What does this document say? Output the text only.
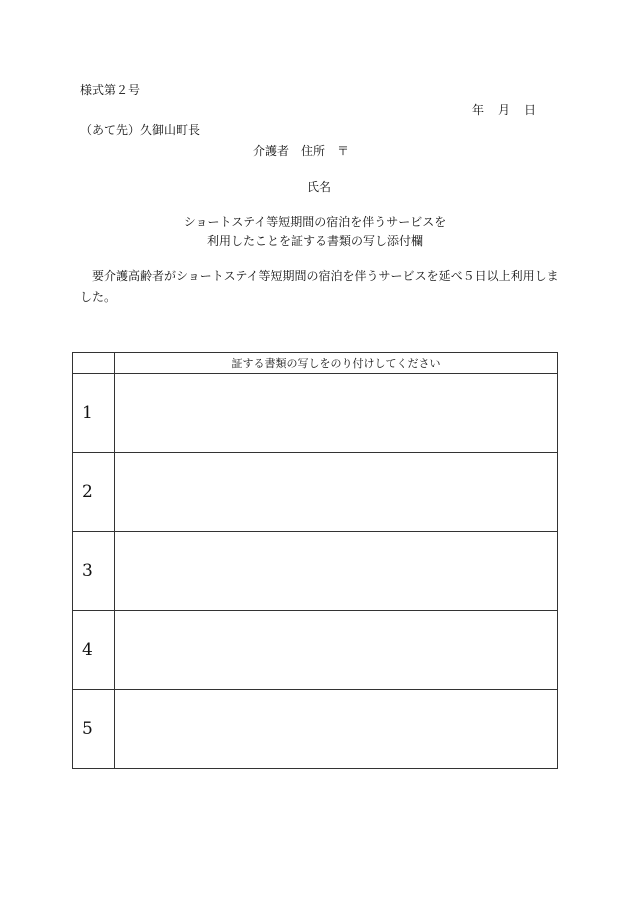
様式第２号
年 月 日
（あて先）久御山町長
介護者 住所 〒
氏名
ショートステイ等短期間の宿泊を伴うサービスを
利用したことを証する書類の写し添付欄
　要介護高齢者がショートステイ等短期間の宿泊を伴うサービスを延べ５日以上利用しました。
	証する書類の写しをのり付けしてください
1	
2	
3	
4	
5	
